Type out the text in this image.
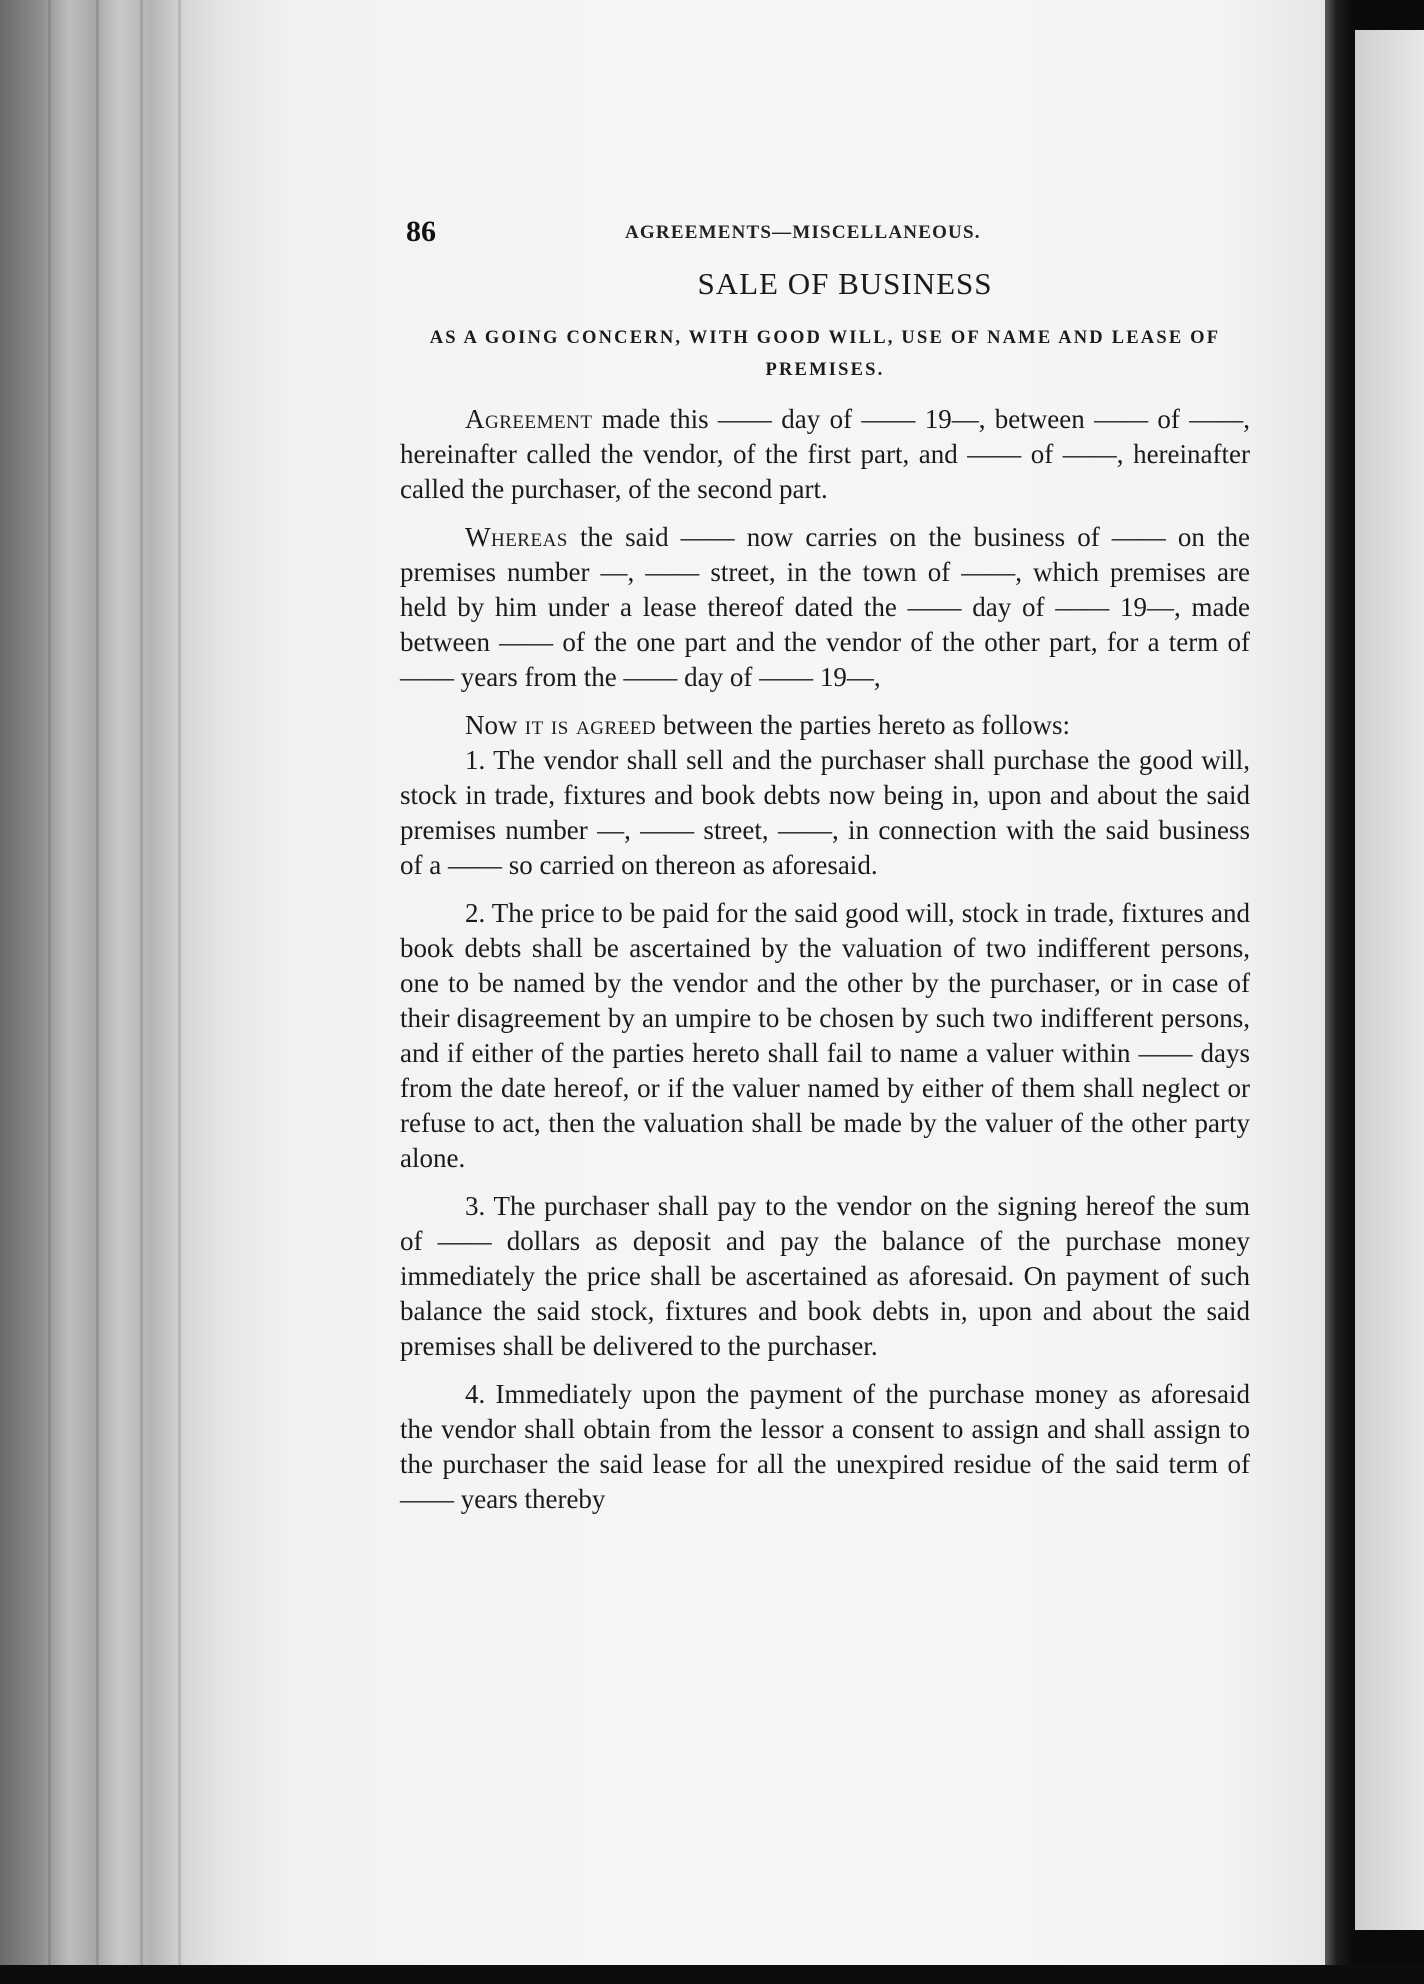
86	AGREEMENTS—MISCELLANEOUS.
SALE OF BUSINESS

AS A GOING CONCERN, WITH GOOD WILL, USE OF NAME AND LEASE OF PREMISES.

Agreement made this —— day of —— 19—, between —— of ——, hereinafter called the vendor, of the first part, and —— of ——, hereinafter called the purchaser, of the second part.

Whereas the said —— now carries on the business of —— on the premises number —, —— street, in the town of ——, which premises are held by him under a lease thereof dated the —— day of —— 19—, made between —— of the one part and the vendor of the other part, for a term of —— years from the —— day of —— 19—,

Now it is agreed between the parties hereto as follows:

1. The vendor shall sell and the purchaser shall purchase the good will, stock in trade, fixtures and book debts now being in, upon and about the said premises number —, —— street, ——, in connection with the said business of a —— so carried on thereon as aforesaid.

2. The price to be paid for the said good will, stock in trade, fixtures and book debts shall be ascertained by the valuation of two indifferent persons, one to be named by the vendor and the other by the purchaser, or in case of their disagreement by an umpire to be chosen by such two indifferent persons, and if either of the parties hereto shall fail to name a valuer within —— days from the date hereof, or if the valuer named by either of them shall neglect or refuse to act, then the valuation shall be made by the valuer of the other party alone.

3. The purchaser shall pay to the vendor on the signing hereof the sum of —— dollars as deposit and pay the balance of the purchase money immediately the price shall be ascertained as aforesaid. On payment of such balance the said stock, fixtures and book debts in, upon and about the said premises shall be delivered to the purchaser.

4. Immediately upon the payment of the purchase money as aforesaid the vendor shall obtain from the lessor a consent to assign and shall assign to the purchaser the said lease for all the unexpired residue of the said term of —— years thereby
